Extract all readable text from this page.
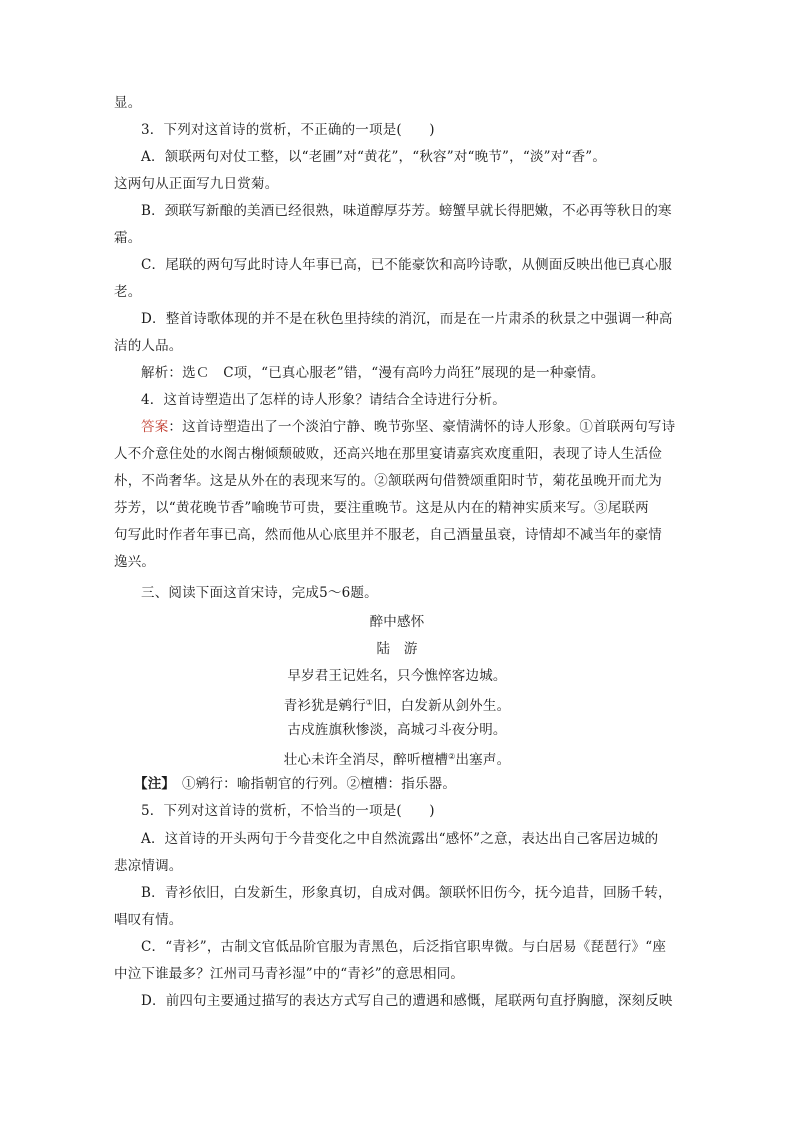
显。
3．下列对这首诗的赏析，不正确的一项是(　　)
A．颔联两句对仗工整，以“老圃”对“黄花”，“秋容”对“晚节”，“淡”对“香”。
这两句从正面写九日赏菊。
B．颈联写新酿的美酒已经很熟，味道醇厚芬芳。螃蟹早就长得肥嫩，不必再等秋日的寒
霜。
C．尾联的两句写此时诗人年事已高，已不能豪饮和高吟诗歌，从侧面反映出他已真心服
老。
D．整首诗歌体现的并不是在秋色里持续的消沉，而是在一片肃杀的秋景之中强调一种高
洁的人品。
解析：选Ｃ　C项，“已真心服老”错，“漫有高吟力尚狂”展现的是一种豪情。
4．这首诗塑造出了怎样的诗人形象？请结合全诗进行分析。
答案：这首诗塑造出了一个淡泊宁静、晚节弥坚、豪情满怀的诗人形象。①首联两句写诗
人不介意住处的水阁古榭倾颓破败，还高兴地在那里宴请嘉宾欢度重阳，表现了诗人生活俭
朴，不尚奢华。这是从外在的表现来写的。②颔联两句借赞颂重阳时节，菊花虽晚开而尤为
芬芳，以“黄花晚节香”喻晚节可贵，要注重晚节。这是从内在的精神实质来写。③尾联两
句写此时作者年事已高，然而他从心底里并不服老，自己酒量虽衰，诗情却不减当年的豪情
逸兴。
三、阅读下面这首宋诗，完成5～6题。
醉中感怀
陆　游
早岁君王记姓名，只今憔悴客边城。
青衫犹是鹓行①旧，白发新从剑外生。
古戍旌旗秋惨淡，高城刁斗夜分明。
壮心未许全消尽，醉听檀槽②出塞声。
【注】　①鹓行：喻指朝官的行列。②檀槽：指乐器。
5．下列对这首诗的赏析，不恰当的一项是(　　)
A．这首诗的开头两句于今昔变化之中自然流露出“感怀”之意，表达出自己客居边城的
悲凉情调。
B．青衫依旧，白发新生，形象真切，自成对偶。颔联怀旧伤今，抚今追昔，回肠千转，
唱叹有情。
C．“青衫”，古制文官低品阶官服为青黑色，后泛指官职卑微。与白居易《琵琶行》“座
中泣下谁最多？江州司马青衫湿”中的“青衫”的意思相同。
D．前四句主要通过描写的表达方式写自己的遭遇和感慨，尾联两句直抒胸臆，深刻反映
